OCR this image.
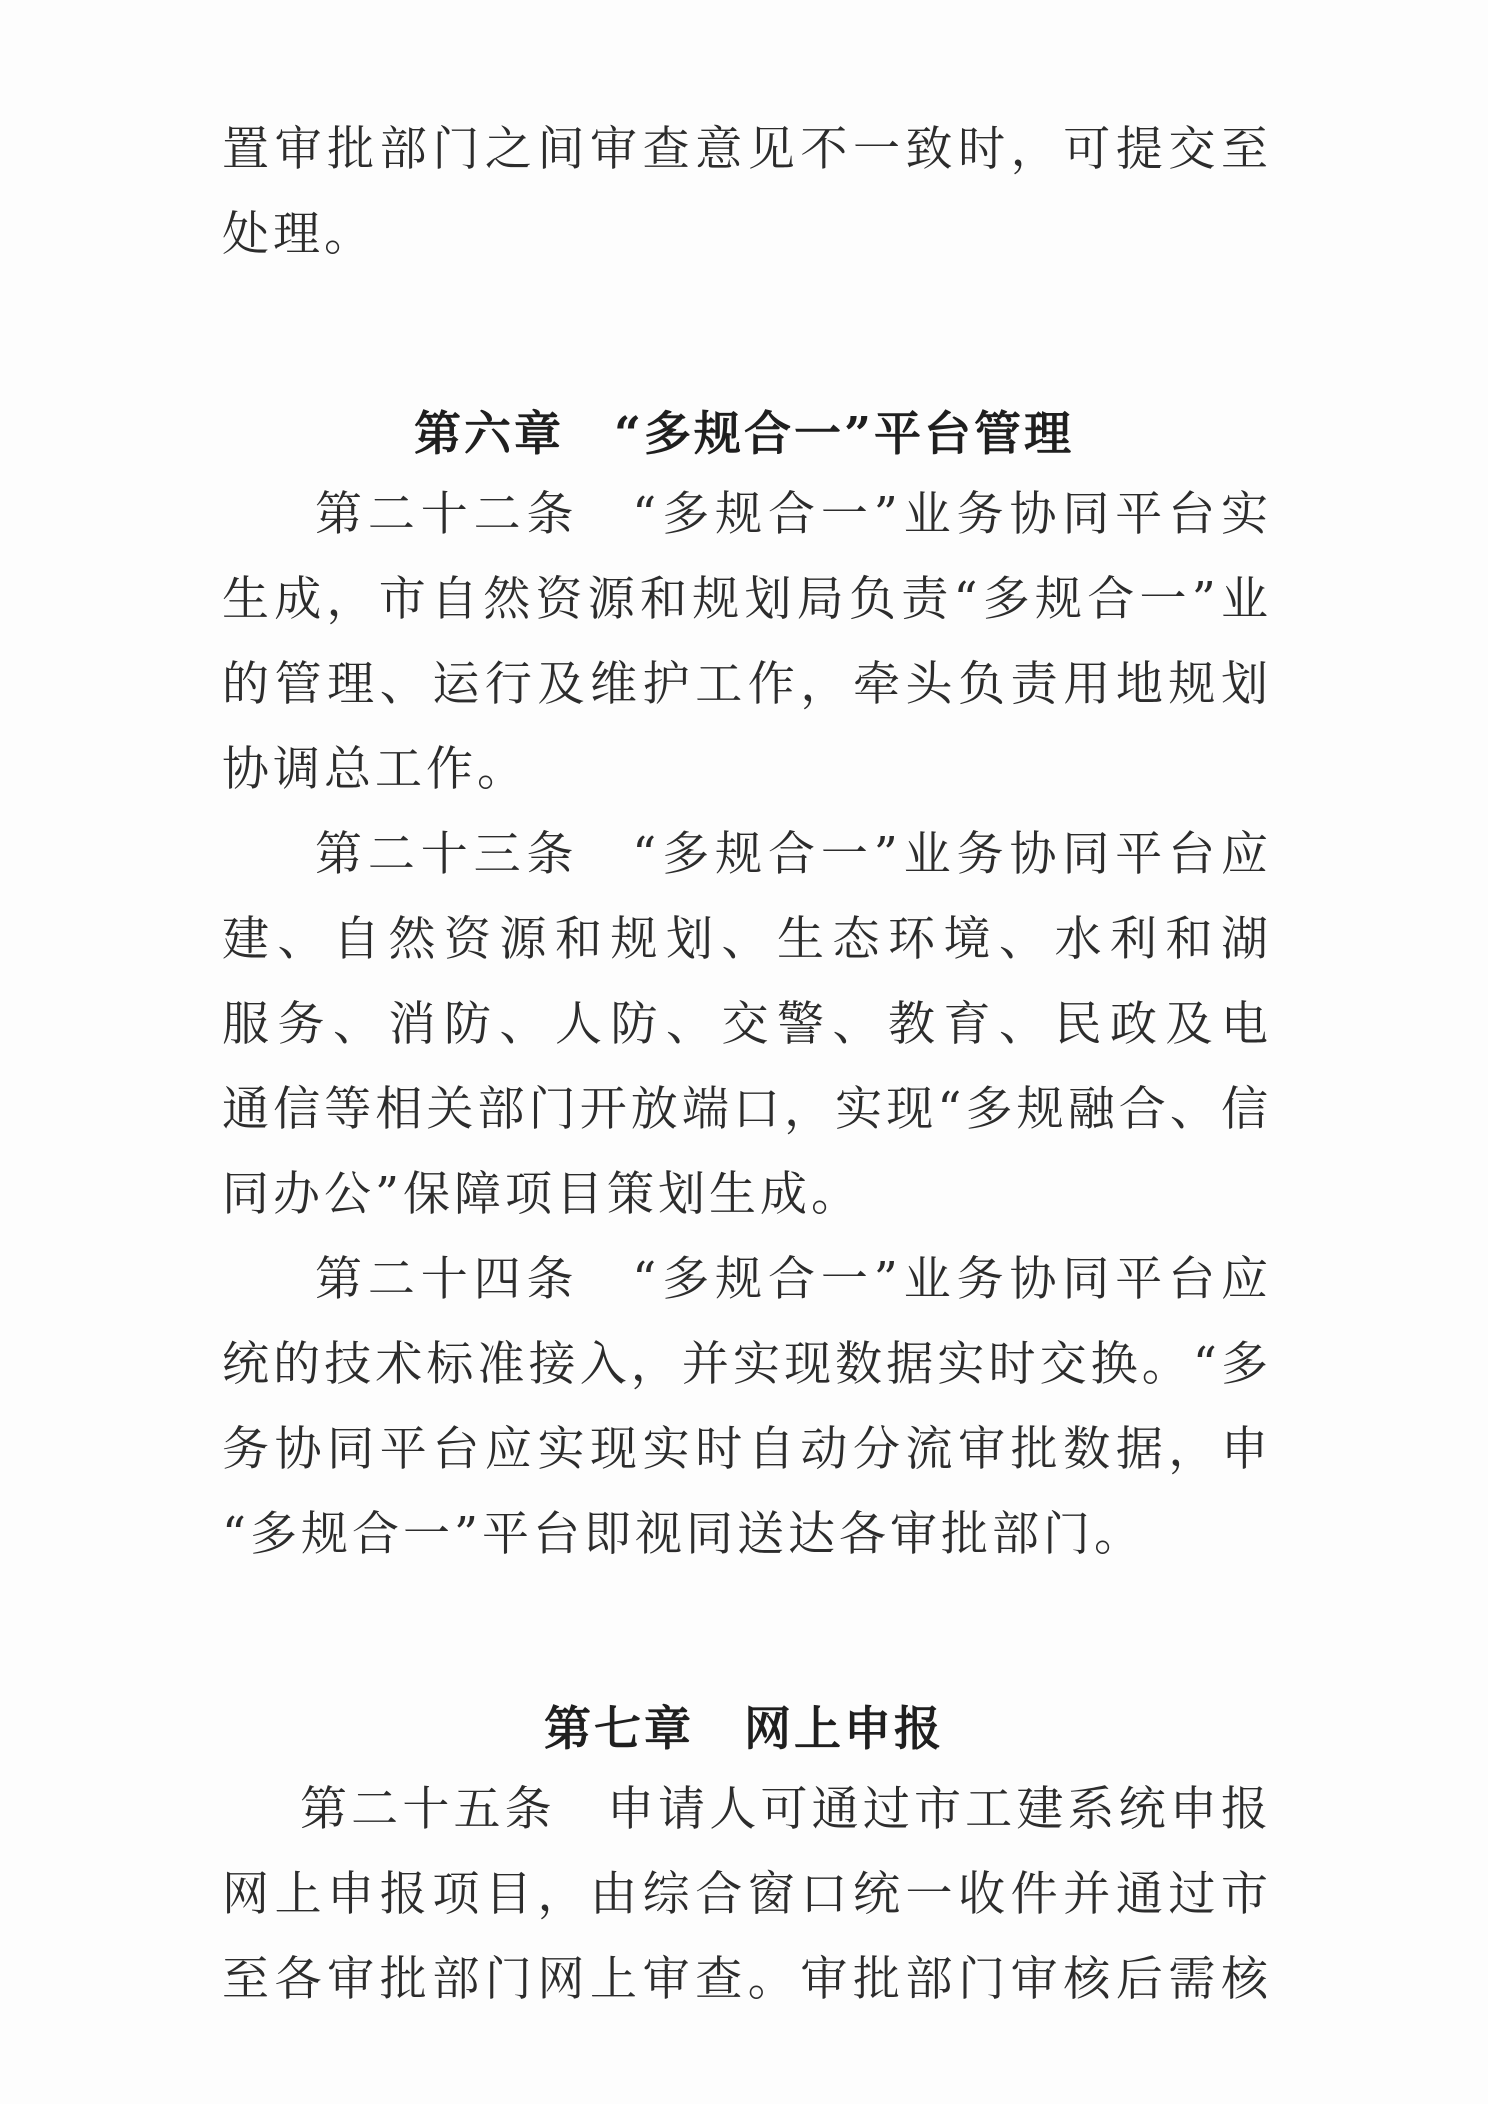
置审批部门之间审查意见不一致时，可提交至
处理。
第六章　“多规合一”平台管理
第二十二条　“多规合一”业务协同平台实
生成，市自然资源和规划局负责“多规合一”业
的管理、运行及维护工作，牵头负责用地规划
协调总工作。
第二十三条　“多规合一”业务协同平台应
建、自然资源和规划、生态环境、水利和湖
服务、消防、人防、交警、教育、民政及电
通信等相关部门开放端口，实现“多规融合、信
同办公”保障项目策划生成。
第二十四条　“多规合一”业务协同平台应
统的技术标准接入，并实现数据实时交换。“多
务协同平台应实现实时自动分流审批数据，申
“多规合一”平台即视同送达各审批部门。
第七章　网上申报
第二十五条　申请人可通过市工建系统申报
网上申报项目，由综合窗口统一收件并通过市
至各审批部门网上审查。审批部门审核后需核
